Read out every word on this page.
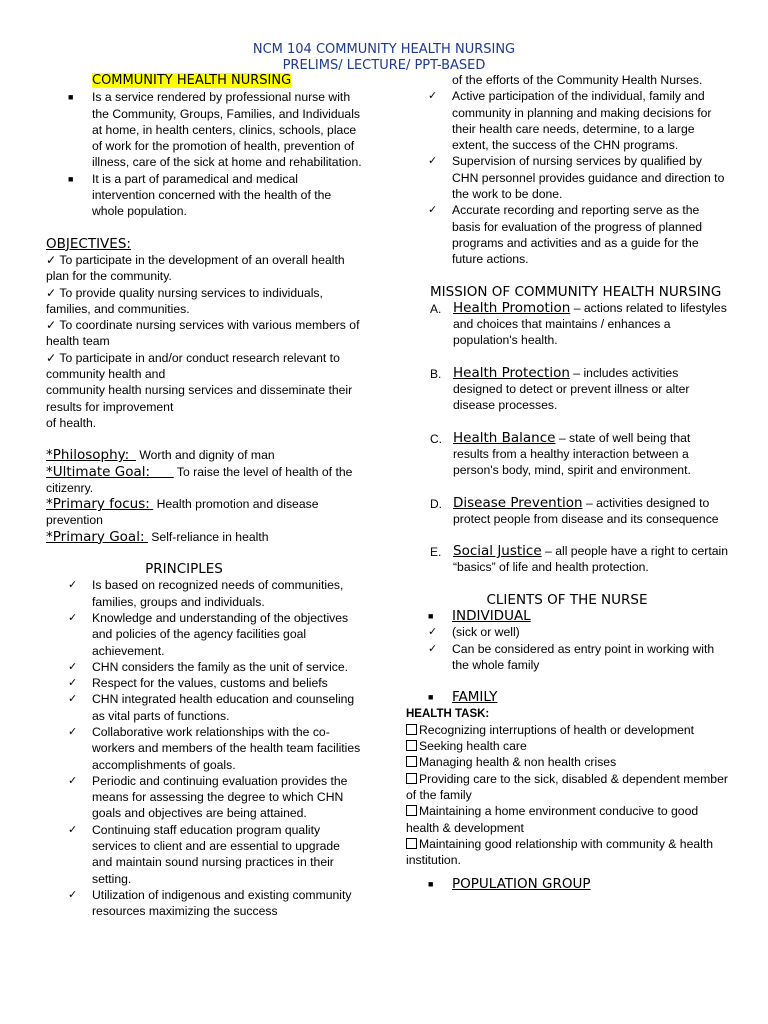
NCM 104 COMMUNITY HEALTH NURSING
PRELIMS/ LECTURE/ PPT-BASED
COMMUNITY HEALTH NURSING
■ Is a service rendered by professional nurse with the Community, Groups, Families, and Individuals at home, in health centers, clinics, schools, place of work for the promotion of health, prevention of illness, care of the sick at home and rehabilitation.
■ It is a part of paramedical and medical intervention concerned with the health of the whole population.
OBJECTIVES:

✓ To participate in the development of an overall health plan for the community.

✓ To provide quality nursing services to individuals, families, and communities.

✓ To coordinate nursing services with various members of health team

✓ To participate in and/or conduct research relevant to community health and

community health nursing services and disseminate their results for improvement

of health.

*Philosophy: Worth and dignity of man
*Ultimate Goal: To raise the level of health of the citizenry.
*Primary focus: Health promotion and disease prevention
*Primary Goal: Self-reliance in health
PRINCIPLES
✓ Is based on recognized needs of communities, families, groups and individuals.
✓ Knowledge and understanding of the objectives and policies of the agency facilities goal achievement.
✓ CHN considers the family as the unit of service.
✓ Respect for the values, customs and beliefs
✓ CHN integrated health education and counseling as vital parts of functions.
✓ Collaborative work relationships with the co-workers and members of the health team facilities accomplishments of goals.
✓ Periodic and continuing evaluation provides the means for assessing the degree to which CHN goals and objectives are being attained.
✓ Continuing staff education program quality services to client and are essential to upgrade and maintain sound nursing practices in their setting.
✓ Utilization of indigenous and existing community resources maximizing the success
of the efforts of the Community Health Nurses.
✓ Active participation of the individual, family and community in planning and making decisions for their health care needs, determine, to a large extent, the success of the CHN programs.
✓ Supervision of nursing services by qualified by CHN personnel provides guidance and direction to the work to be done.
✓ Accurate recording and reporting serve as the basis for evaluation of the progress of planned programs and activities and as a guide for the future actions.
MISSION OF COMMUNITY HEALTH NURSING
A. Health Promotion – actions related to lifestyles and choices that maintains / enhances a population's health.
B. Health Protection – includes activities designed to detect or prevent illness or alter disease processes.
C. Health Balance – state of well being that results from a healthy interaction between a person's body, mind, spirit and environment.
D. Disease Prevention – activities designed to protect people from disease and its consequence
E. Social Justice – all people have a right to certain “basics” of life and health protection.
CLIENTS OF THE NURSE
■ INDIVIDUAL
✓ (sick or well)
✓ Can be considered as entry point in working with the whole family
■ FAMILY
HEALTH TASK:

Recognizing interruptions of health or development

Seeking health care

Managing health & non health crises

Providing care to the sick, disabled & dependent member of the family

Maintaining a home environment conducive to good health & development

Maintaining good relationship with community & health institution.

■ POPULATION GROUP
